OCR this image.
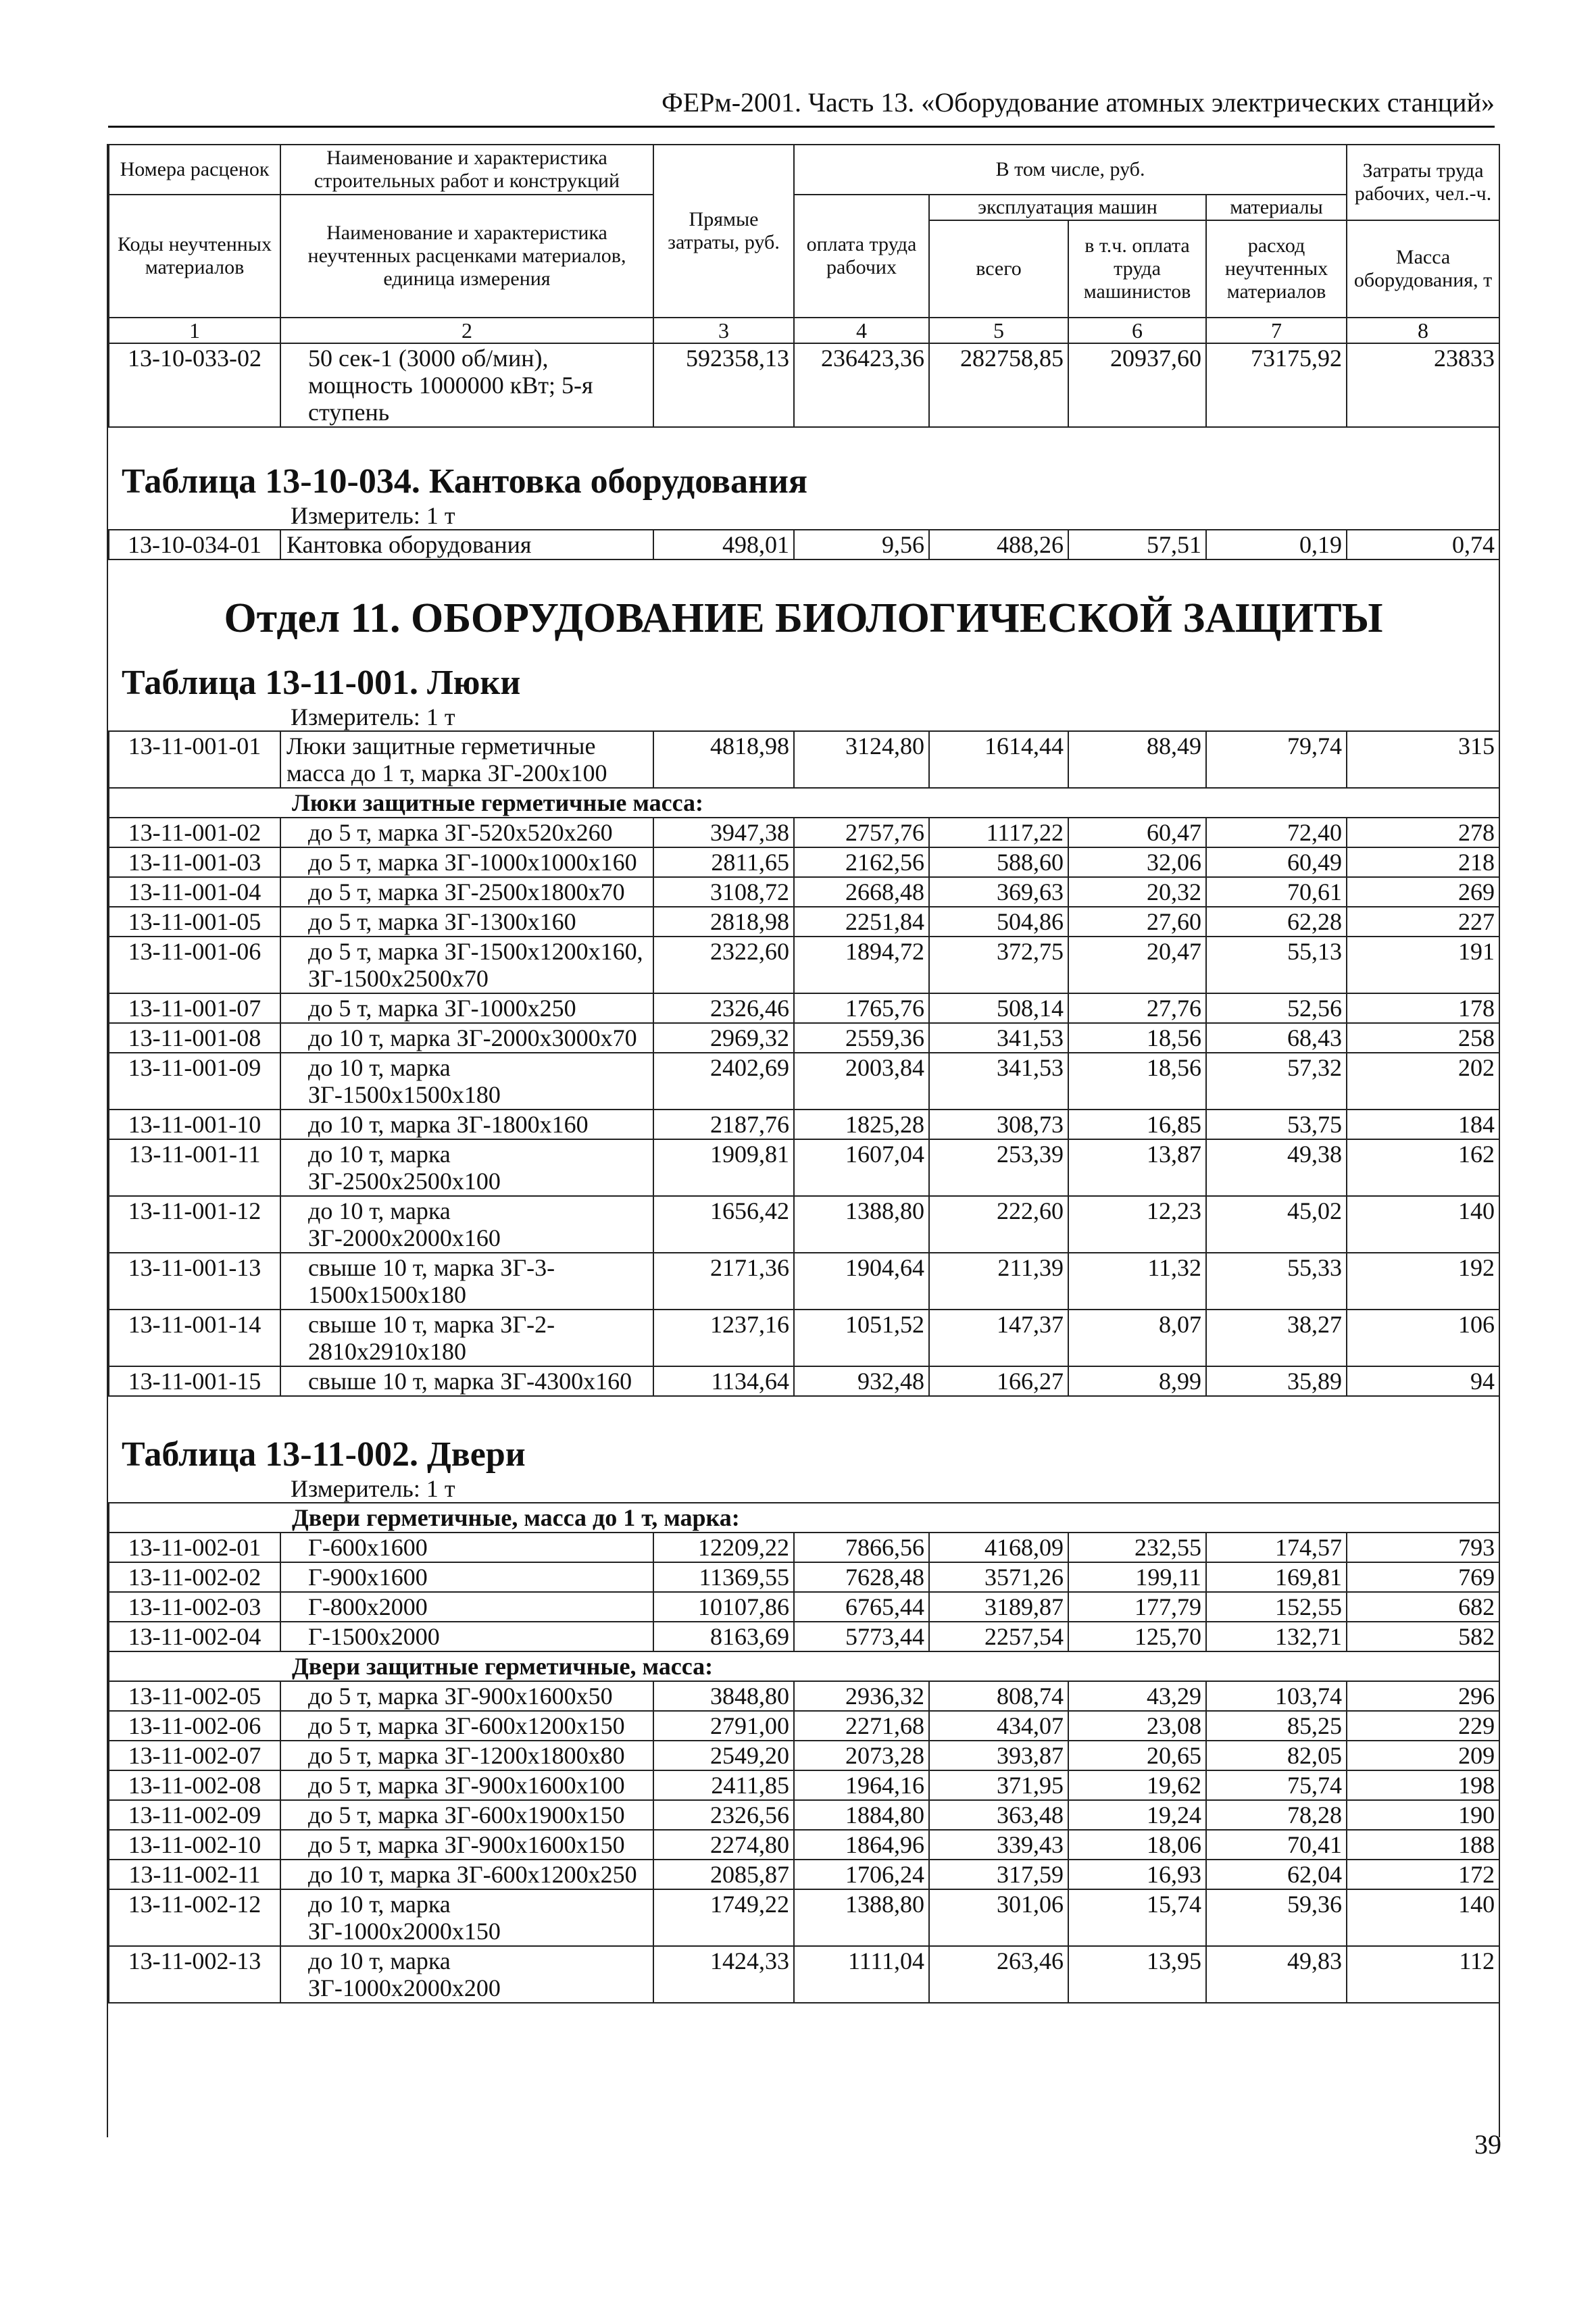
ФЕРм-2001. Часть 13. «Оборудование атомных электрических станций»
Номера расценок	Наименование и характеристика строительных работ и конструкций	Прямые затраты, руб.	В том числе, руб.				Затраты труда рабочих, чел.-ч.
Коды неучтенных материалов	Наименование и характеристика неучтенных расценками материалов, единица измерения		оплата труда рабочих	эксплуатация машин		материалы	
				всего	в т.ч. оплата труда машинистов	расход неучтенных материалов	Масса оборудования, т
1	2	3	4	5	6	7	8
13-10-033-02	50 сек-1 (3000 об/мин), мощность 1000000 кВт; 5-я ступень	592358,13	236423,36	282758,85	20937,60	73175,92	23833
Таблица 13-10-034. Кантовка оборудования
Измеритель: 1 т
13-10-034-01	Кантовка оборудования	498,01	9,56	488,26	57,51	0,19	0,74
Отдел 11. ОБОРУДОВАНИЕ БИОЛОГИЧЕСКОЙ ЗАЩИТЫ
Таблица 13-11-001. Люки
Измеритель: 1 т
13-11-001-01	Люки защитные герметичные масса до 1 т, марка ЗГ-200х100	4818,98	3124,80	1614,44	88,49	79,74	315
Люки защитные герметичные масса:							
13-11-001-02	до 5 т, марка ЗГ-520х520х260	3947,38	2757,76	1117,22	60,47	72,40	278
13-11-001-03	до 5 т, марка ЗГ-1000х1000х160	2811,65	2162,56	588,60	32,06	60,49	218
13-11-001-04	до 5 т, марка ЗГ-2500х1800х70	3108,72	2668,48	369,63	20,32	70,61	269
13-11-001-05	до 5 т, марка ЗГ-1300х160	2818,98	2251,84	504,86	27,60	62,28	227
13-11-001-06	до 5 т, марка ЗГ-1500х1200х160, ЗГ-1500х2500х70	2322,60	1894,72	372,75	20,47	55,13	191
13-11-001-07	до 5 т, марка ЗГ-1000х250	2326,46	1765,76	508,14	27,76	52,56	178
13-11-001-08	до 10 т, марка ЗГ-2000х3000х70	2969,32	2559,36	341,53	18,56	68,43	258
13-11-001-09	до 10 т, марка ЗГ-1500х1500х180	2402,69	2003,84	341,53	18,56	57,32	202
13-11-001-10	до 10 т, марка ЗГ-1800х160	2187,76	1825,28	308,73	16,85	53,75	184
13-11-001-11	до 10 т, марка ЗГ-2500х2500х100	1909,81	1607,04	253,39	13,87	49,38	162
13-11-001-12	до 10 т, марка ЗГ-2000х2000х160	1656,42	1388,80	222,60	12,23	45,02	140
13-11-001-13	свыше 10 т, марка ЗГ-3-1500х1500х180	2171,36	1904,64	211,39	11,32	55,33	192
13-11-001-14	свыше 10 т, марка ЗГ-2-2810х2910х180	1237,16	1051,52	147,37	8,07	38,27	106
13-11-001-15	свыше 10 т, марка ЗГ-4300х160	1134,64	932,48	166,27	8,99	35,89	94
Таблица 13-11-002. Двери
Измеритель: 1 т
Двери герметичные, масса до 1 т, марка:							
13-11-002-01	Г-600х1600	12209,22	7866,56	4168,09	232,55	174,57	793
13-11-002-02	Г-900х1600	11369,55	7628,48	3571,26	199,11	169,81	769
13-11-002-03	Г-800х2000	10107,86	6765,44	3189,87	177,79	152,55	682
13-11-002-04	Г-1500х2000	8163,69	5773,44	2257,54	125,70	132,71	582
Двери защитные герметичные, масса:							
13-11-002-05	до 5 т, марка ЗГ-900х1600х50	3848,80	2936,32	808,74	43,29	103,74	296
13-11-002-06	до 5 т, марка ЗГ-600х1200х150	2791,00	2271,68	434,07	23,08	85,25	229
13-11-002-07	до 5 т, марка ЗГ-1200х1800х80	2549,20	2073,28	393,87	20,65	82,05	209
13-11-002-08	до 5 т, марка ЗГ-900х1600х100	2411,85	1964,16	371,95	19,62	75,74	198
13-11-002-09	до 5 т, марка ЗГ-600х1900х150	2326,56	1884,80	363,48	19,24	78,28	190
13-11-002-10	до 5 т, марка ЗГ-900х1600х150	2274,80	1864,96	339,43	18,06	70,41	188
13-11-002-11	до 10 т, марка ЗГ-600х1200х250	2085,87	1706,24	317,59	16,93	62,04	172
13-11-002-12	до 10 т, марка ЗГ-1000х2000х150	1749,22	1388,80	301,06	15,74	59,36	140
13-11-002-13	до 10 т, марка ЗГ-1000х2000х200	1424,33	1111,04	263,46	13,95	49,83	112
39
